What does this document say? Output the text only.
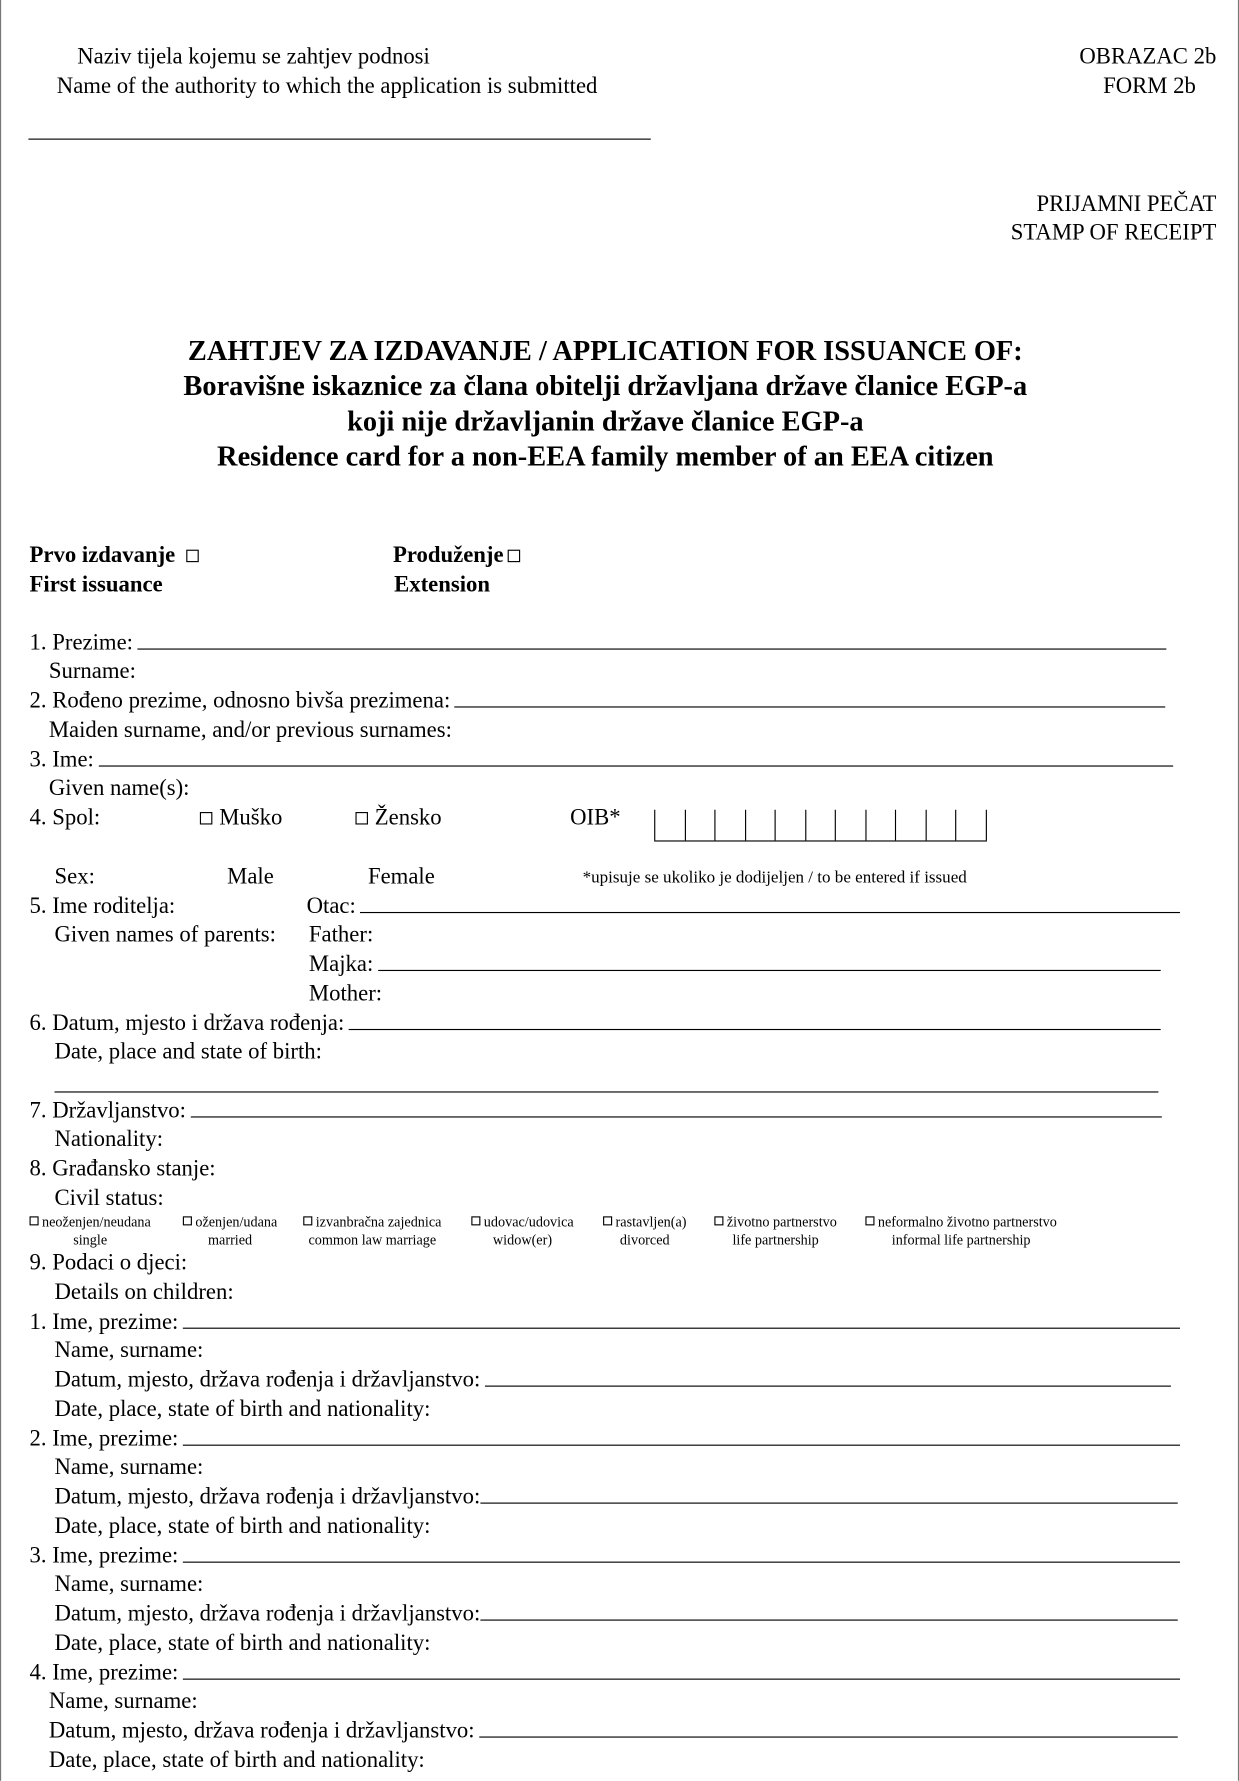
Naziv tijela kojemu se zahtjev podnosi
Name of the authority to which the application is submitted
OBRAZAC 2b
FORM 2b
PRIJAMNI PEČAT
STAMP OF RECEIPT
ZAHTJEV ZA IZDAVANJE / APPLICATION FOR ISSUANCE OF:
Boravišne iskaznice za člana obitelji državljana države članice EGP-a
koji nije državljanin države članice EGP-a
Residence card for a non-EEA family member of an EEA citizen
Prvo izdavanje
First issuance
Produženje
Extension
1. Prezime:
Surname:
2. Rođeno prezime, odnosno bivša prezimena:
Maiden surname, and/or previous surnames:
3. Ime:
Given name(s):
4. Spol:	Muško	Žensko	OIB*
Sex:	Male	Female	*upisuje se ukoliko je dodijeljen / to be entered if issued
5. Ime roditelja:	Otac:
Given names of parents: Father:
Majka:
Mother:
6. Datum, mjesto i država rođenja:
Date, place and state of birth:
7. Državljanstvo:
Nationality:
8. Građansko stanje:
Civil status:
neoženjen/neudana
single
oženjen/udana
married
izvanbračna zajednica
common law marriage
udovac/udovica
widow(er)
rastavljen(a)
divorced
životno partnerstvo
life partnership
neformalno životno partnerstvo
informal life partnership
9. Podaci o djeci:
Details on children:
1. Ime, prezime:
Name, surname:
Datum, mjesto, država rođenja i državljanstvo:
Date, place, state of birth and nationality:
2. Ime, prezime:
Name, surname:
Datum, mjesto, država rođenja i državljanstvo:
Date, place, state of birth and nationality:
3. Ime, prezime:
Name, surname:
Datum, mjesto, država rođenja i državljanstvo:
Date, place, state of birth and nationality:
4. Ime, prezime:
Name, surname:
Datum, mjesto, država rođenja i državljanstvo:
Date, place, state of birth and nationality:
